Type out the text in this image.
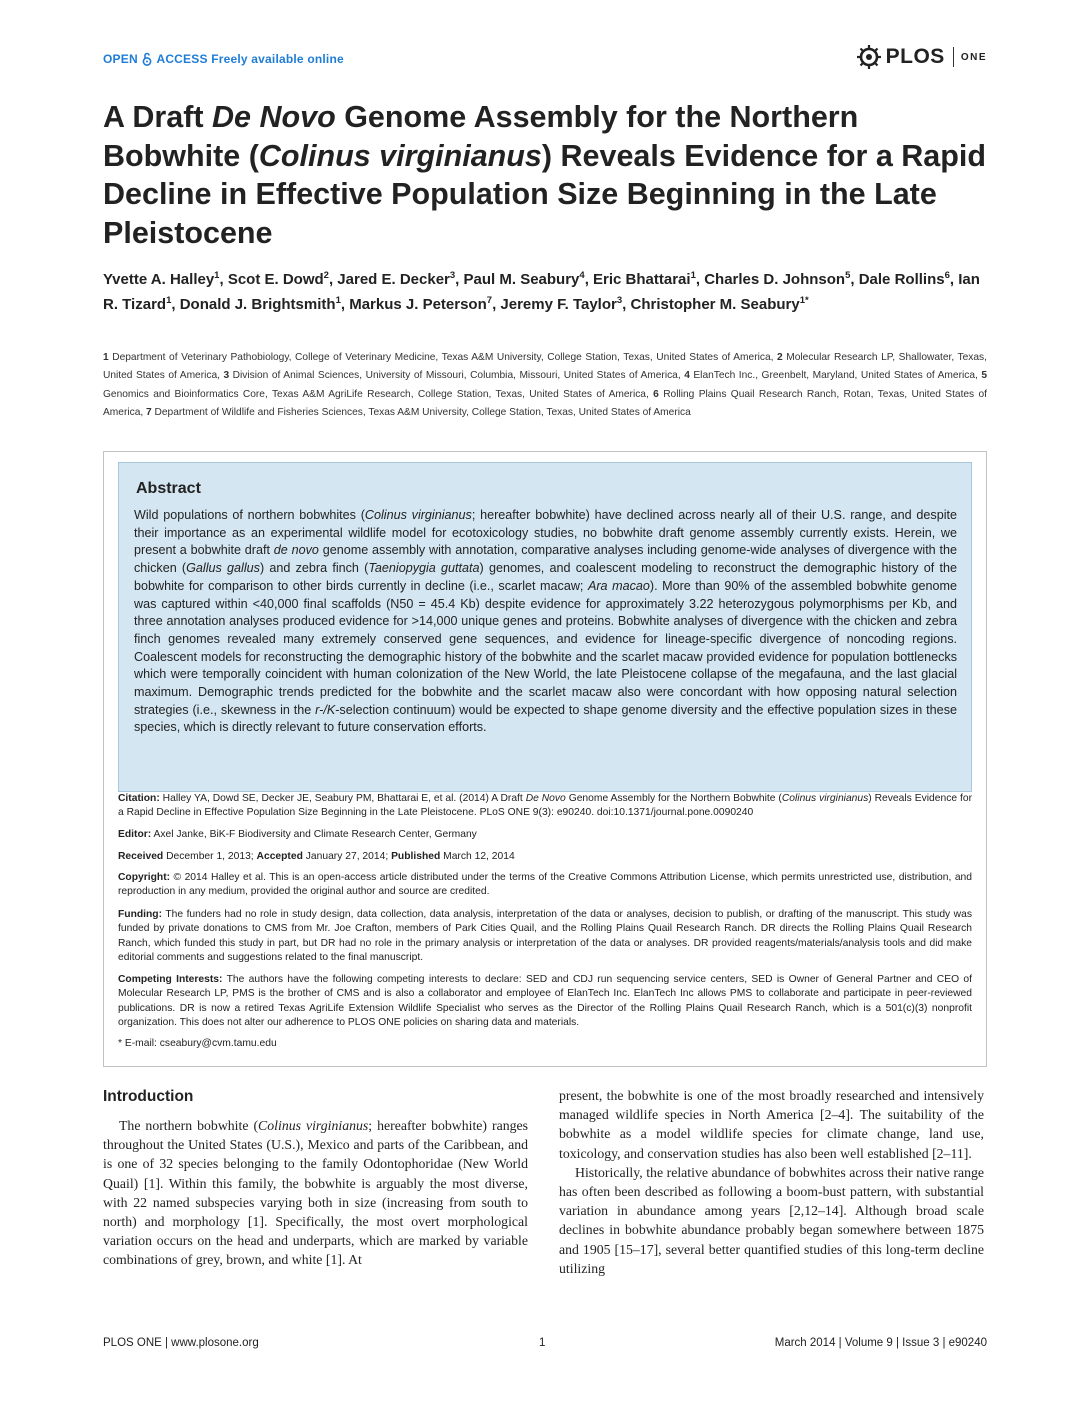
OPEN ACCESS Freely available online	PLOS ONE
A Draft De Novo Genome Assembly for the Northern Bobwhite (Colinus virginianus) Reveals Evidence for a Rapid Decline in Effective Population Size Beginning in the Late Pleistocene

Yvette A. Halley$^1$, Scot E. Dowd$^2$, Jared E. Decker$^3$, Paul M. Seabury$^4$, Eric Bhattarai$^1$, Charles D. Johnson$^5$, Dale Rollins$^6$, Ian R. Tizard$^1$, Donald J. Brightsmith$^1$, Markus J. Peterson$^7$, Jeremy F. Taylor$^3$, Christopher M. Seabury$^{1*}$

1 Department of Veterinary Pathobiology, College of Veterinary Medicine, Texas A&M University, College Station, Texas, United States of America, 2 Molecular Research LP, Shallowater, Texas, United States of America, 3 Division of Animal Sciences, University of Missouri, Columbia, Missouri, United States of America, 4 ElanTech Inc., Greenbelt, Maryland, United States of America, 5 Genomics and Bioinformatics Core, Texas A&M AgriLife Research, College Station, Texas, United States of America, 6 Rolling Plains Quail Research Ranch, Rotan, Texas, United States of America, 7 Department of Wildlife and Fisheries Sciences, Texas A&M University, College Station, Texas, United States of America

Abstract

Wild populations of northern bobwhites (Colinus virginianus; hereafter bobwhite) have declined across nearly all of their U.S. range, and despite their importance as an experimental wildlife model for ecotoxicology studies, no bobwhite draft genome assembly currently exists. Herein, we present a bobwhite draft de novo genome assembly with annotation, comparative analyses including genome-wide analyses of divergence with the chicken (Gallus gallus) and zebra finch (Taeniopygia guttata) genomes, and coalescent modeling to reconstruct the demographic history of the bobwhite for comparison to other birds currently in decline (i.e., scarlet macaw; Ara macao). More than 90% of the assembled bobwhite genome was captured within <40,000 final scaffolds (N50 = 45.4 Kb) despite evidence for approximately 3.22 heterozygous polymorphisms per Kb, and three annotation analyses produced evidence for >14,000 unique genes and proteins. Bobwhite analyses of divergence with the chicken and zebra finch genomes revealed many extremely conserved gene sequences, and evidence for lineage-specific divergence of noncoding regions. Coalescent models for reconstructing the demographic history of the bobwhite and the scarlet macaw provided evidence for population bottlenecks which were temporally coincident with human colonization of the New World, the late Pleistocene collapse of the megafauna, and the last glacial maximum. Demographic trends predicted for the bobwhite and the scarlet macaw also were concordant with how opposing natural selection strategies (i.e., skewness in the r-/K-selection continuum) would be expected to shape genome diversity and the effective population sizes in these species, which is directly relevant to future conservation efforts.

Citation: Halley YA, Dowd SE, Decker JE, Seabury PM, Bhattarai E, et al. (2014) A Draft De Novo Genome Assembly for the Northern Bobwhite (Colinus virginianus) Reveals Evidence for a Rapid Decline in Effective Population Size Beginning in the Late Pleistocene. PLoS ONE 9(3): e90240. doi:10.1371/journal.pone.0090240

Editor: Axel Janke, BiK-F Biodiversity and Climate Research Center, Germany

Received December 1, 2013; Accepted January 27, 2014; Published March 12, 2014

Copyright: © 2014 Halley et al. This is an open-access article distributed under the terms of the Creative Commons Attribution License, which permits unrestricted use, distribution, and reproduction in any medium, provided the original author and source are credited.

Funding: The funders had no role in study design, data collection, data analysis, interpretation of the data or analyses, decision to publish, or drafting of the manuscript. This study was funded by private donations to CMS from Mr. Joe Crafton, members of Park Cities Quail, and the Rolling Plains Quail Research Ranch. DR directs the Rolling Plains Quail Research Ranch, which funded this study in part, but DR had no role in the primary analysis or interpretation of the data or analyses. DR provided reagents/materials/analysis tools and did make editorial comments and suggestions related to the final manuscript.

Competing Interests: The authors have the following competing interests to declare: SED and CDJ run sequencing service centers, SED is Owner of General Partner and CEO of Molecular Research LP, PMS is the brother of CMS and is also a collaborator and employee of ElanTech Inc. ElanTech Inc allows PMS to collaborate and participate in peer-reviewed publications. DR is now a retired Texas AgriLife Extension Wildlife Specialist who serves as the Director of the Rolling Plains Quail Research Ranch, which is a 501(c)(3) nonprofit organization. This does not alter our adherence to PLOS ONE policies on sharing data and materials.

* E-mail: cseabury@cvm.tamu.edu

Introduction

The northern bobwhite (Colinus virginianus; hereafter bobwhite) ranges throughout the United States (U.S.), Mexico and parts of the Caribbean, and is one of 32 species belonging to the family Odontophoridae (New World Quail) [1]. Within this family, the bobwhite is arguably the most diverse, with 22 named subspecies varying both in size (increasing from south to north) and morphology [1]. Specifically, the most overt morphological variation occurs on the head and underparts, which are marked by variable combinations of grey, brown, and white [1]. At

present, the bobwhite is one of the most broadly researched and intensively managed wildlife species in North America [2–4]. The suitability of the bobwhite as a model wildlife species for climate change, land use, toxicology, and conservation studies has also been well established [2–11].

Historically, the relative abundance of bobwhites across their native range has often been described as following a boom-bust pattern, with substantial variation in abundance among years [2,12–14]. Although broad scale declines in bobwhite abundance probably began somewhere between 1875 and 1905 [15–17], several better quantified studies of this long-term decline utilizing

PLOS ONE | www.plosone.org	1	March 2014 | Volume 9 | Issue 3 | e90240
